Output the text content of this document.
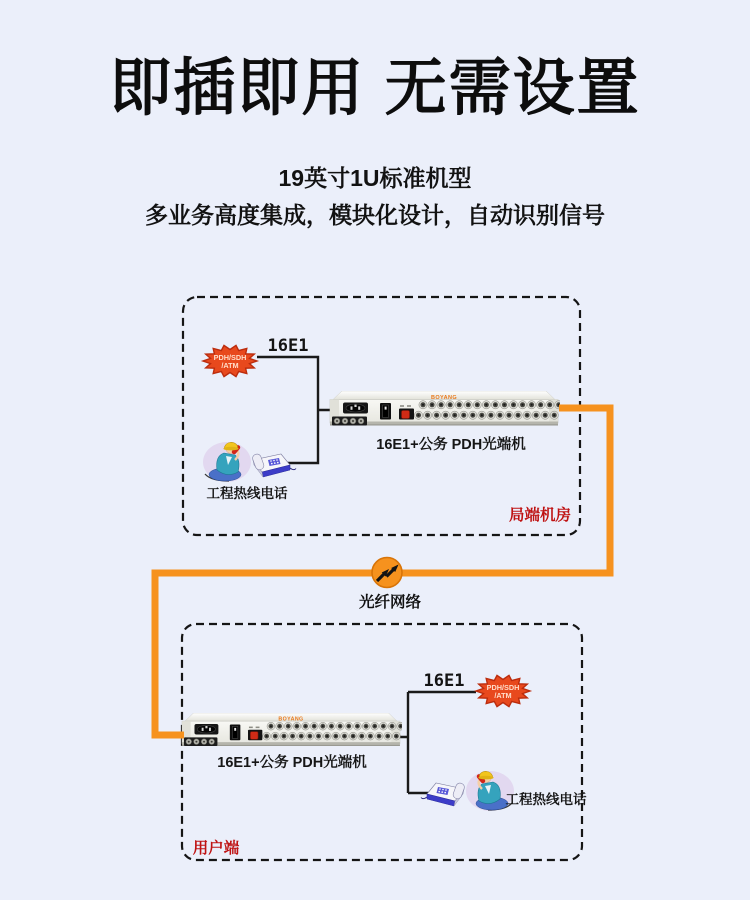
即插即用 无需设置
19英寸1U标准机型
多业务高度集成，模块化设计，自动识别信号
BOYANG
BOYANG
PDH/SDH
/ATM
PDH/SDH
/ATM
16E1
16E1
16E1+公务 PDH光端机
16E1+公务 PDH光端机
工程热线电话
工程热线电话
局端机房
用户端
光纤网络
